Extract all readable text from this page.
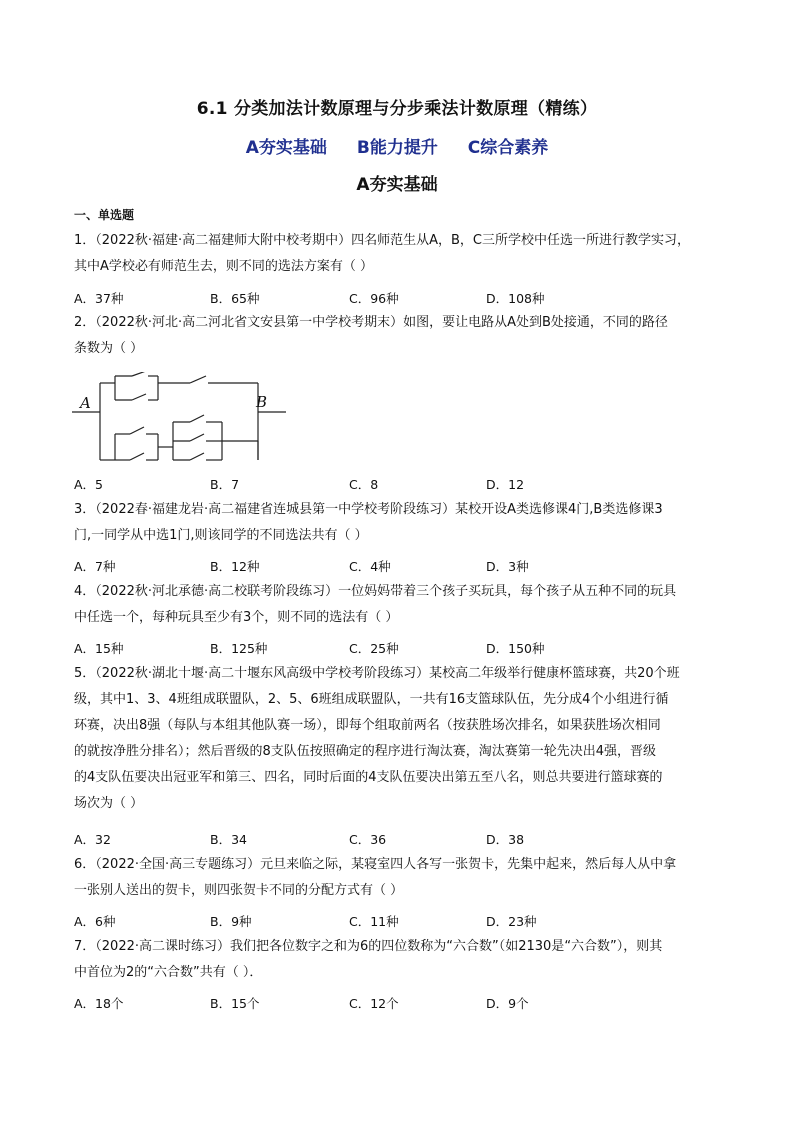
6.1 分类加法计数原理与分步乘法计数原理（精练）
A夯实基础 B能力提升 C综合素养
A夯实基础
一、单选题
1．（2022秋·福建·高二福建师大附中校考期中）四名师范生从A，B，C三所学校中任选一所进行教学实习，
其中A学校必有师范生去，则不同的选法方案有（ ）
A．37种	B．65种	C．96种	D．108种
2．（2022秋·河北·高二河北省文安县第一中学校考期末）如图，要让电路从A处到B处接通，不同的路径
条数为（ ）
A	B
A．5	B．7	C．8	D．12
3．（2022春·福建龙岩·高二福建省连城县第一中学校考阶段练习）某校开设A类选修课4门,B类选修课3
门,一同学从中选1门,则该同学的不同选法共有（ ）
A．7种	B．12种	C．4种	D．3种
4．（2022秋·河北承德·高二校联考阶段练习）一位妈妈带着三个孩子买玩具，每个孩子从五种不同的玩具
中任选一个，每种玩具至少有3个，则不同的选法有（ ）
A．15种	B．125种	C．25种	D．150种
5．（2022秋·湖北十堰·高二十堰东风高级中学校考阶段练习）某校高二年级举行健康杯篮球赛，共20个班
级，其中1、3、4班组成联盟队，2、5、6班组成联盟队，一共有16支篮球队伍，先分成4个小组进行循
环赛，决出8强（每队与本组其他队赛一场），即每个组取前两名（按获胜场次排名，如果获胜场次相同
的就按净胜分排名）；然后晋级的8支队伍按照确定的程序进行淘汰赛，淘汰赛第一轮先决出4强，晋级
的4支队伍要决出冠亚军和第三、四名，同时后面的4支队伍要决出第五至八名，则总共要进行篮球赛的
场次为（ ）
A．32	B．34	C．36	D．38
6．（2022·全国·高三专题练习）元旦来临之际，某寝室四人各写一张贺卡，先集中起来，然后每人从中拿
一张别人送出的贺卡，则四张贺卡不同的分配方式有（ ）
A．6种	B．9种	C．11种	D．23种
7．（2022·高二课时练习）我们把各位数字之和为6的四位数称为“六合数”（如2130是“六合数”），则其
中首位为2的“六合数”共有（ ）．
A．18个	B．15个	C．12个	D．9个
